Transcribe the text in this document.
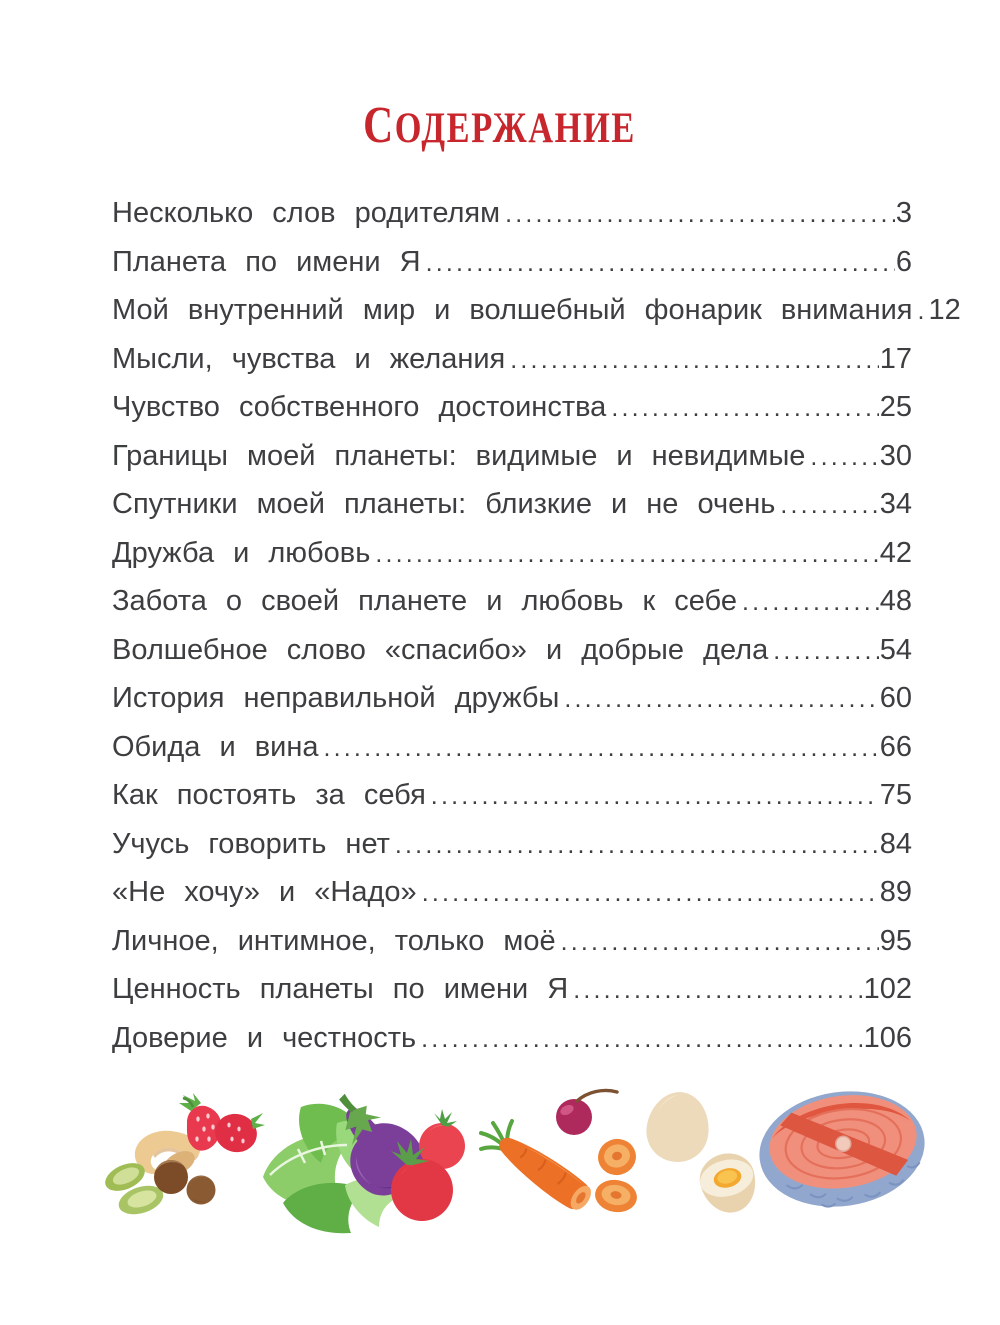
СОДЕРЖАНИЕ
Несколько слов родителям .....	3
Планета по имени Я .....	6
Мой внутренний мир и волшебный фонарик внимания ..... 12
Мысли, чувства и желания .....	17
Чувство собственного достоинства .....	25
Границы моей планеты: видимые и невидимые .....	30
Спутники моей планеты: близкие и не очень .....	34
Дружба и любовь .....	42
Забота о своей планете и любовь к себе .....	48
Волшебное слово «спасибо» и добрые дела .....	54
История неправильной дружбы .....	60
Обида и вина .....	66
Как постоять за себя .....	75
Учусь говорить нет .....	84
«Не хочу» и «Надо» .....	89
Личное, интимное, только моё .....	95
Ценность планеты по имени Я .....	102
Доверие и честность .....	106
